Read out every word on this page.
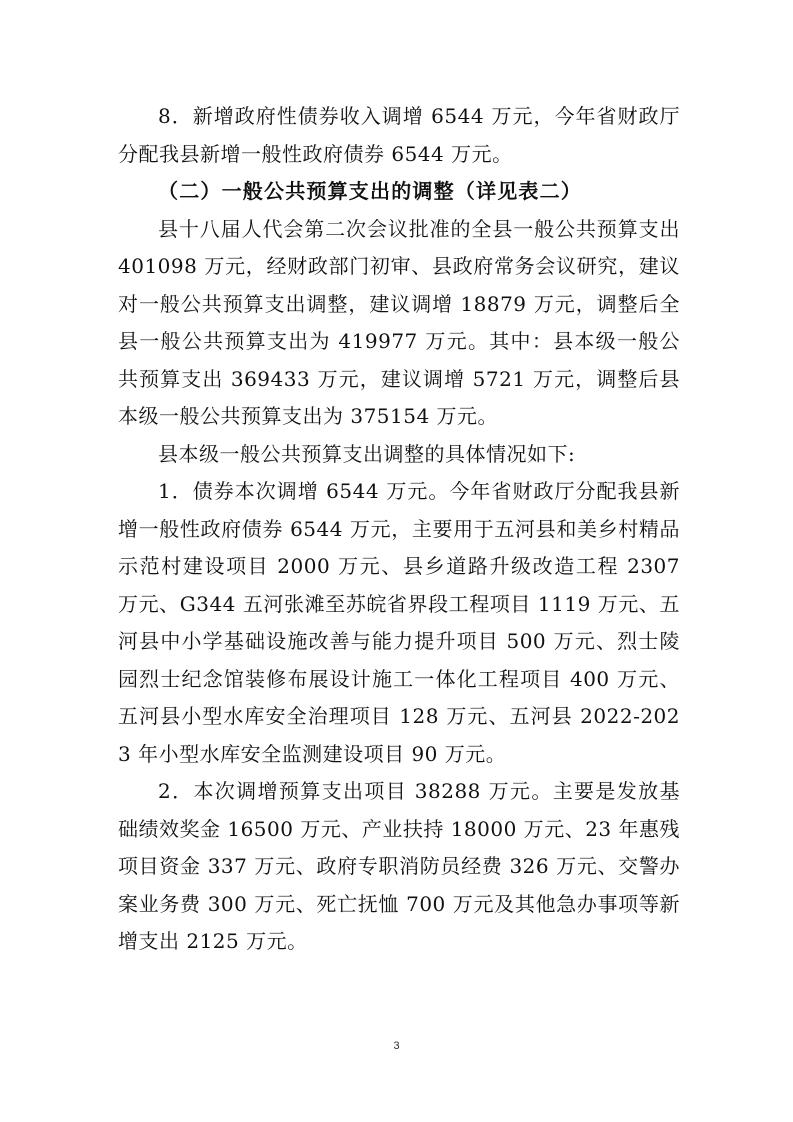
8．新增政府性债券收入调增 6544 万元，今年省财政厅分配我县新增一般性政府债券 6544 万元。

（二）一般公共预算支出的调整（详见表二）

县十八届人代会第二次会议批准的全县一般公共预算支出 401098 万元，经财政部门初审、县政府常务会议研究，建议对一般公共预算支出调整，建议调增 18879 万元，调整后全县一般公共预算支出为 419977 万元。其中：县本级一般公共预算支出 369433 万元，建议调增 5721 万元，调整后县本级一般公共预算支出为 375154 万元。

县本级一般公共预算支出调整的具体情况如下:

1．债券本次调增 6544 万元。今年省财政厅分配我县新增一般性政府债券 6544 万元，主要用于五河县和美乡村精品示范村建设项目 2000 万元、县乡道路升级改造工程 2307 万元、G344 五河张滩至苏皖省界段工程项目 1119 万元、五河县中小学基础设施改善与能力提升项目 500 万元、烈士陵园烈士纪念馆装修布展设计施工一体化工程项目 400 万元、五河县小型水库安全治理项目 128 万元、五河县 2022-2023 年小型水库安全监测建设项目 90 万元。

2．本次调增预算支出项目 38288 万元。主要是发放基础绩效奖金 16500 万元、产业扶持 18000 万元、23 年惠残项目资金 337 万元、政府专职消防员经费 326 万元、交警办案业务费 300 万元、死亡抚恤 700 万元及其他急办事项等新增支出 2125 万元。

3
